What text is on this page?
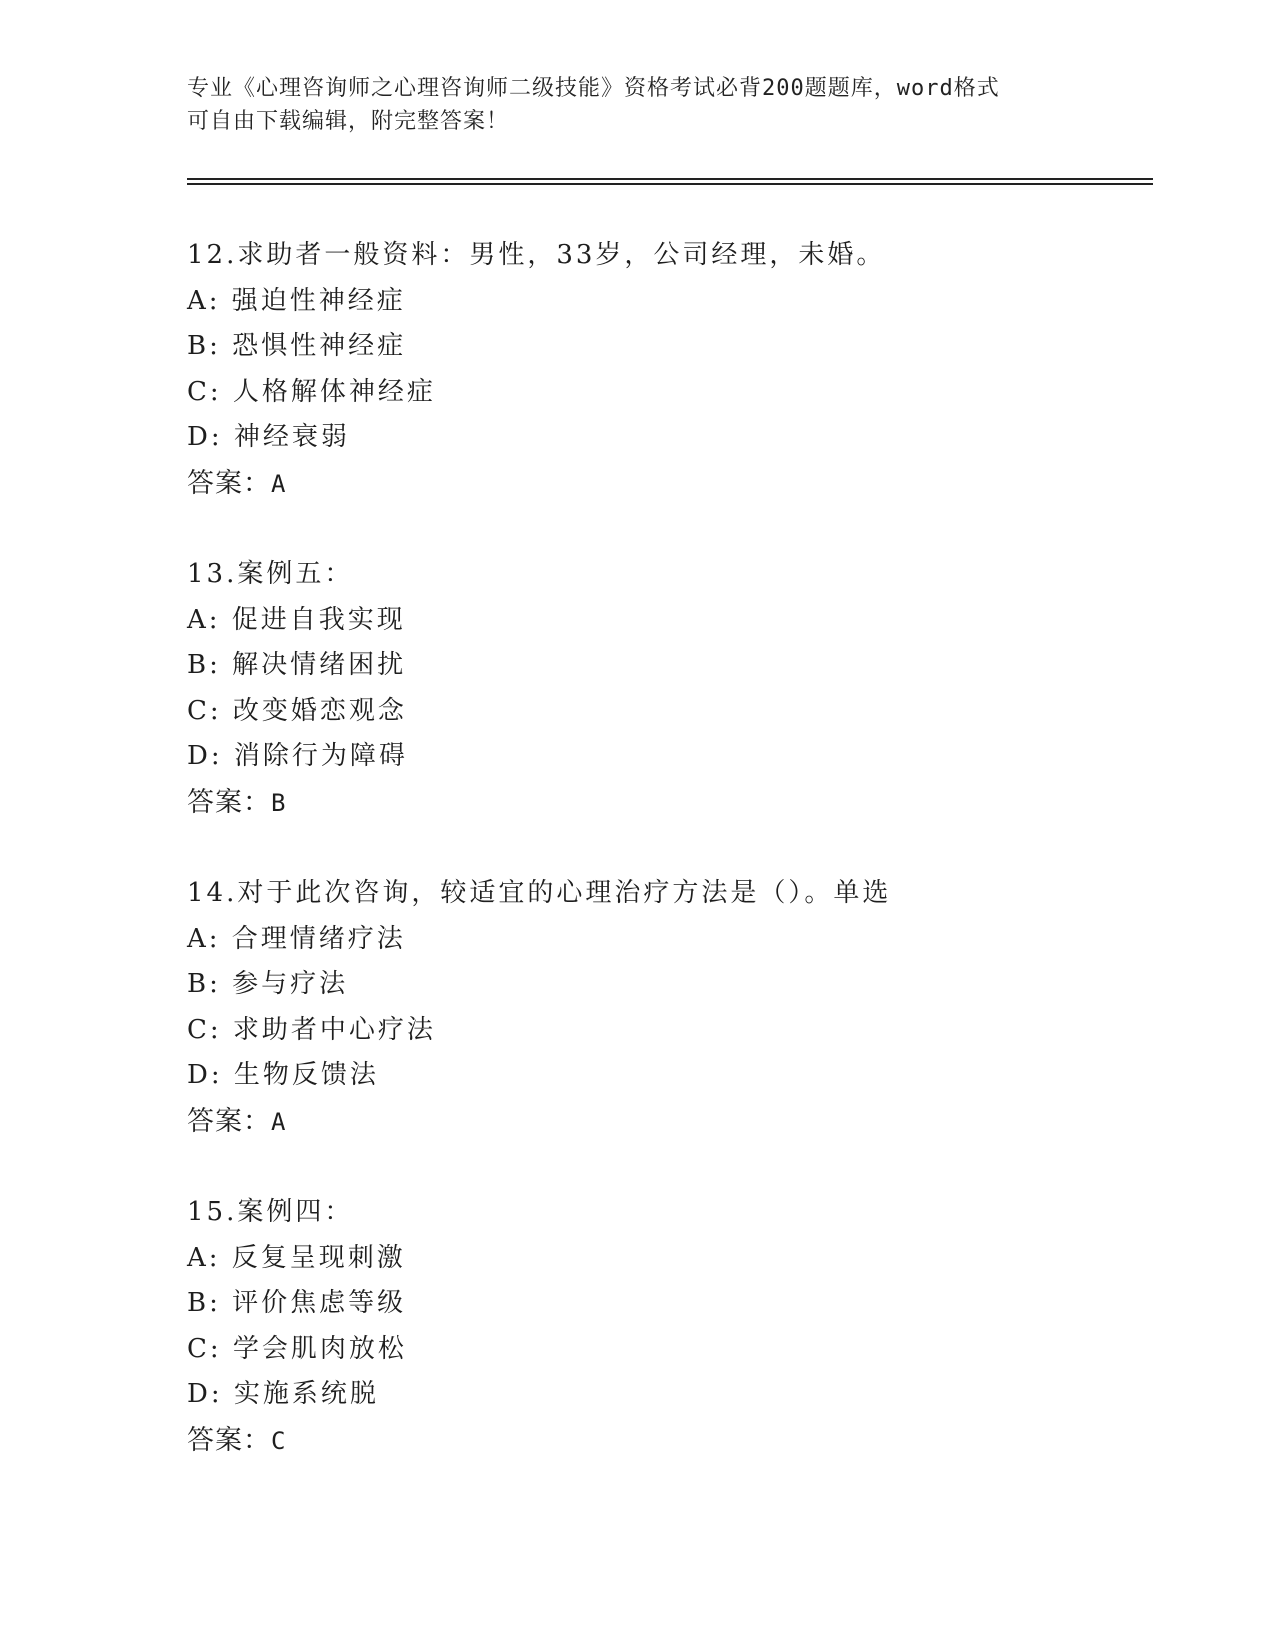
专业《心理咨询师之心理咨询师二级技能》资格考试必背200题题库，word格式
可自由下载编辑，附完整答案！
12.求助者一般资料：男性，33岁，公司经理，未婚。
A: 强迫性神经症
B: 恐惧性神经症
C: 人格解体神经症
D: 神经衰弱
答案：A
13.案例五：
A: 促进自我实现
B: 解决情绪困扰
C: 改变婚恋观念
D: 消除行为障碍
答案：B
14.对于此次咨询，较适宜的心理治疗方法是（）。单选
A: 合理情绪疗法
B: 参与疗法
C: 求助者中心疗法
D: 生物反馈法
答案：A
15.案例四：
A: 反复呈现刺激
B: 评价焦虑等级
C: 学会肌肉放松
D: 实施系统脱
答案：C
